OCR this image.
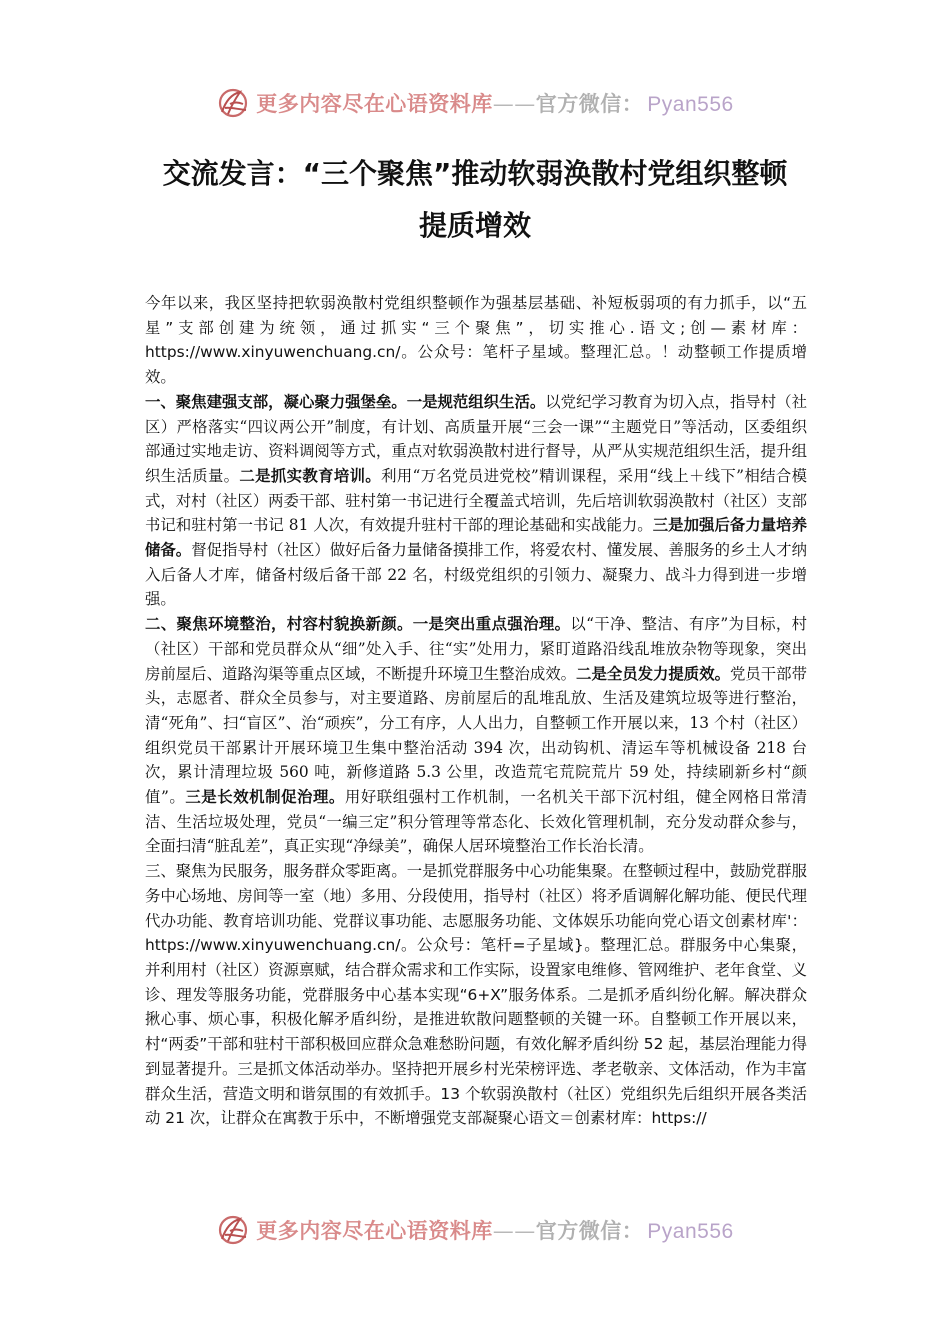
更多内容尽在心语资料库——官方微信： Pyan556
交流发言：“三个聚焦”推动软弱涣散村党组织整顿
提质增效

今年以来，我区坚持把软弱涣散村党组织整顿作为强基层基础、补短板弱项的有力抓手，以“五星”支部创建为统领，通过抓实“三个聚焦”，切实推心.语文;创—素材库：https://www.xinyuwenchuang.cn/。公众号：笔杆子星域。整理汇总。！动整顿工作提质增效。

一、聚焦建强支部，凝心聚力强堡垒。一是规范组织生活。以党纪学习教育为切入点，指导村（社区）严格落实“四议两公开”制度，有计划、高质量开展“三会一课”“主题党日”等活动，区委组织部通过实地走访、资料调阅等方式，重点对软弱涣散村进行督导，从严从实规范组织生活，提升组织生活质量。二是抓实教育培训。利用“万名党员进党校”精训课程，采用“线上＋线下”相结合模式，对村（社区）两委干部、驻村第一书记进行全覆盖式培训，先后培训软弱涣散村（社区）支部书记和驻村第一书记 81 人次，有效提升驻村干部的理论基础和实战能力。三是加强后备力量培养储备。督促指导村（社区）做好后备力量储备摸排工作，将爱农村、懂发展、善服务的乡土人才纳入后备人才库，储备村级后备干部 22 名，村级党组织的引领力、凝聚力、战斗力得到进一步增强。

二、聚焦环境整治，村容村貌换新颜。一是突出重点强治理。以“干净、整洁、有序”为目标，村（社区）干部和党员群众从“细”处入手、往“实”处用力，紧盯道路沿线乱堆放杂物等现象，突出房前屋后、道路沟渠等重点区域，不断提升环境卫生整治成效。二是全员发力提质效。党员干部带头，志愿者、群众全员参与，对主要道路、房前屋后的乱堆乱放、生活及建筑垃圾等进行整治，清“死角”、扫“盲区”、治“顽疾”，分工有序，人人出力，自整顿工作开展以来，13 个村（社区）组织党员干部累计开展环境卫生集中整治活动 394 次，出动钩机、清运车等机械设备 218 台次，累计清理垃圾 560 吨，新修道路 5.3 公里，改造荒宅荒院荒片 59 处，持续刷新乡村“颜值”。三是长效机制促治理。用好联组强村工作机制，一名机关干部下沉村组，健全网格日常清洁、生活垃圾处理，党员“一编三定”积分管理等常态化、长效化管理机制，充分发动群众参与，全面扫清“脏乱差”，真正实现“净绿美”，确保人居环境整治工作长治长清。

三、聚焦为民服务，服务群众零距离。一是抓党群服务中心功能集聚。在整顿过程中，鼓励党群服务中心场地、房间等一室（地）多用、分段使用，指导村（社区）将矛盾调解化解功能、便民代理代办功能、教育培训功能、党群议事功能、志愿服务功能、文体娱乐功能向党心语文创素材库'：https://www.xinyuwenchuang.cn/。公众号：笔杆=子星域}。整理汇总。群服务中心集聚，并利用村（社区）资源禀赋，结合群众需求和工作实际，设置家电维修、管网维护、老年食堂、义诊、理发等服务功能，党群服务中心基本实现“6+X”服务体系。二是抓矛盾纠纷化解。解决群众揪心事、烦心事，积极化解矛盾纠纷，是推进软散问题整顿的关键一环。自整顿工作开展以来，村“两委”干部和驻村干部积极回应群众急难愁盼问题，有效化解矛盾纠纷 52 起，基层治理能力得到显著提升。三是抓文体活动举办。坚持把开展乡村光荣榜评选、孝老敬亲、文体活动，作为丰富群众生活，营造文明和谐氛围的有效抓手。13 个软弱涣散村（社区）党组织先后组织开展各类活动 21 次，让群众在寓教于乐中，不断增强党支部凝聚心语文＝创素材库：https://

更多内容尽在心语资料库——官方微信： Pyan556
